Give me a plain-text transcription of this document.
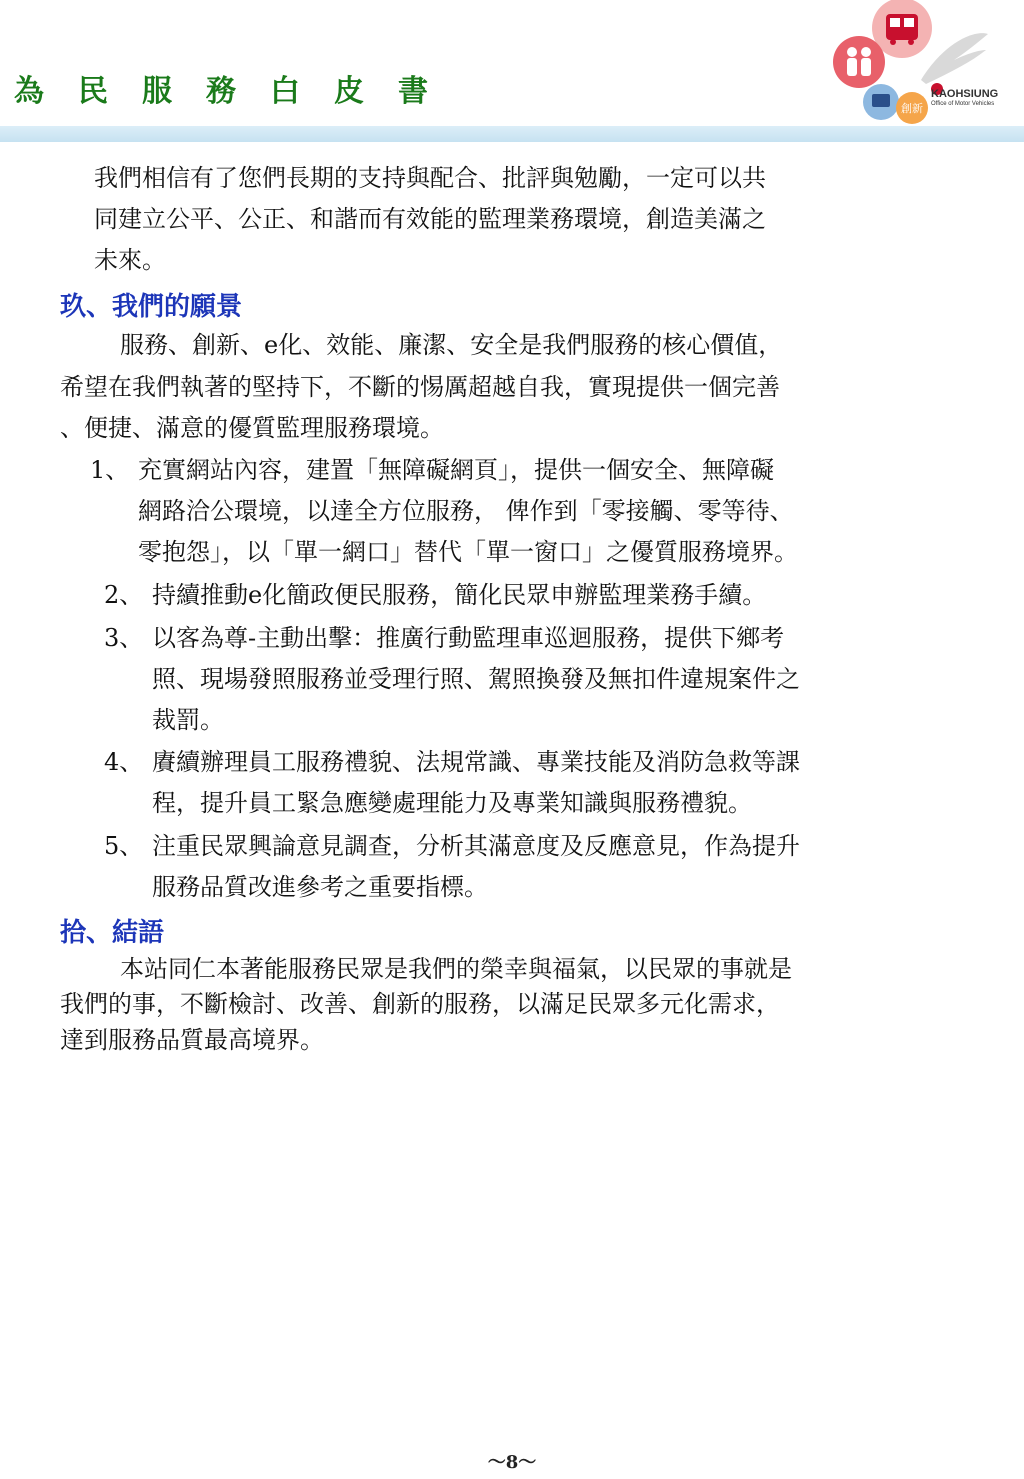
為民服務白皮書	創新
KAOHSIUNG
Office of Motor Vehicles
我們相信有了您們長期的支持與配合、批評與勉勵，一定可以共
同建立公平、公正、和諧而有效能的監理業務環境，創造美滿之
未來。
玖、我們的願景
服務、創新、e化、效能、廉潔、安全是我們服務的核心價值，
希望在我們執著的堅持下，不斷的惕厲超越自我，實現提供一個完善
、便捷、滿意的優質監理服務環境。
1、 充實網站內容，建置「無障礙網頁」，提供一個安全、無障礙
網路洽公環境，以達全方位服務， 俾作到「零接觸、零等待、
零抱怨」，以「單一網口」替代「單一窗口」之優質服務境界。
2、 持續推動e化簡政便民服務，簡化民眾申辦監理業務手續。
3、 以客為尊-主動出擊：推廣行動監理車巡迴服務，提供下鄉考
照、現場發照服務並受理行照、駕照換發及無扣件違規案件之
裁罰。
4、 賡續辦理員工服務禮貌、法規常識、專業技能及消防急救等課
程，提升員工緊急應變處理能力及專業知識與服務禮貌。
5、 注重民眾興論意見調查，分析其滿意度及反應意見，作為提升
服務品質改進參考之重要指標。
拾、結語
本站同仁本著能服務民眾是我們的榮幸與福氣，以民眾的事就是
我們的事，不斷檢討、改善、創新的服務，以滿足民眾多元化需求，
達到服務品質最高境界。
～8～
